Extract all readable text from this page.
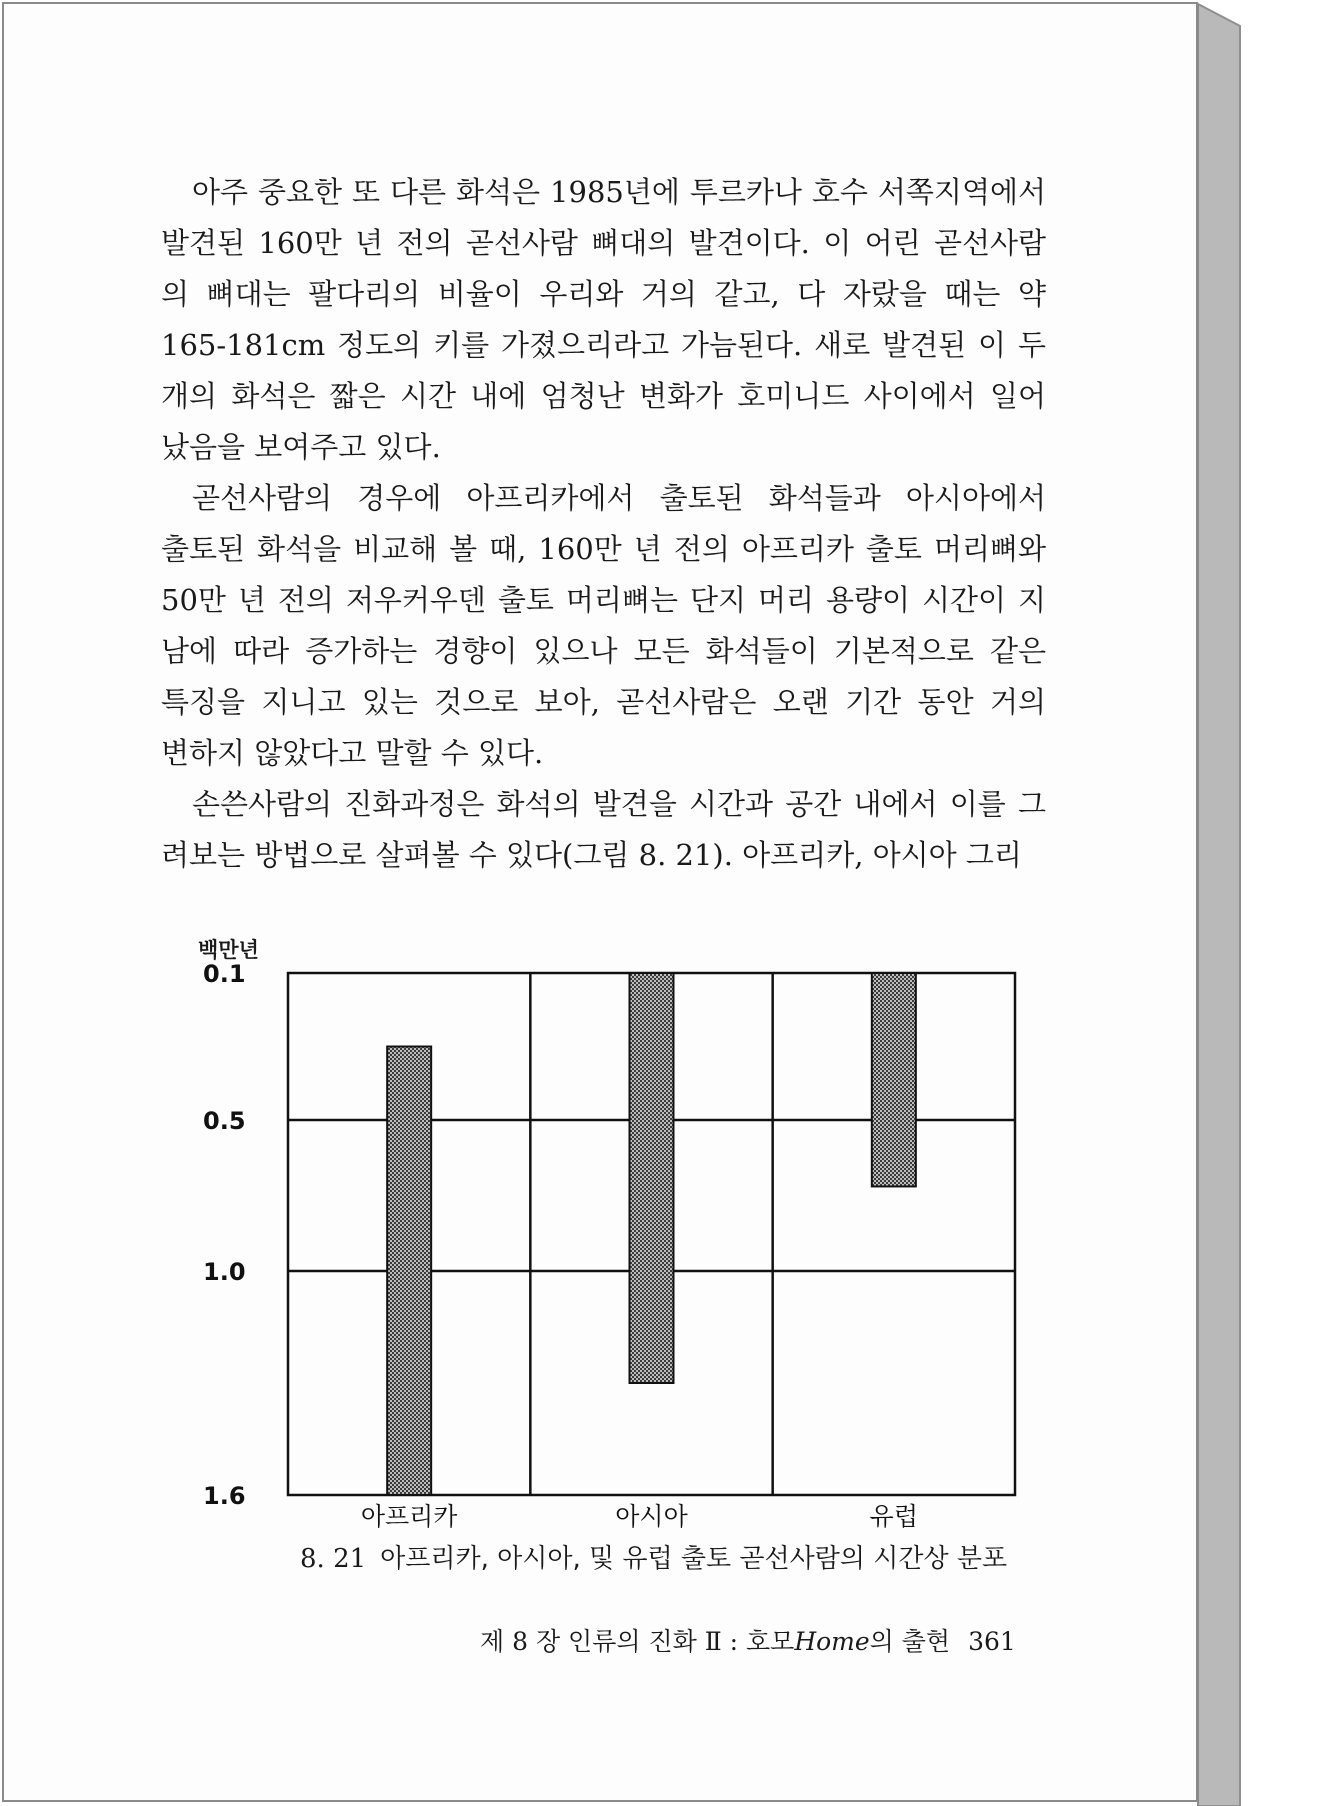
아주 중요한 또 다른 화석은 1985년에 투르카나 호수 서쪽지역에서
발견된 160만 년 전의 곧선사람 뼈대의 발견이다. 이 어린 곧선사람
의 뼈대는 팔다리의 비율이 우리와 거의 같고, 다 자랐을 때는 약
165-181cm 정도의 키를 가졌으리라고 가늠된다. 새로 발견된 이 두
개의 화석은 짧은 시간 내에 엄청난 변화가 호미니드 사이에서 일어
났음을 보여주고 있다.
곧선사람의 경우에 아프리카에서 출토된 화석들과 아시아에서
출토된 화석을 비교해 볼 때, 160만 년 전의 아프리카 출토 머리뼈와
50만 년 전의 저우커우덴 출토 머리뼈는 단지 머리 용량이 시간이 지
남에 따라 증가하는 경향이 있으나 모든 화석들이 기본적으로 같은
특징을 지니고 있는 것으로 보아, 곧선사람은 오랜 기간 동안 거의
변하지 않았다고 말할 수 있다.
손쓴사람의 진화과정은 화석의 발견을 시간과 공간 내에서 이를 그
려보는 방법으로 살펴볼 수 있다(그림 8. 21). 아프리카, 아시아 그리
백만년
0.1
0.5
1.0
1.6
아프리카	아시아	유럽
8. 21 아프리카, 아시아, 및 유럽 출토 곧선사람의 시간상 분포
제 8 장 인류의 진화 Ⅱ : 호모Home의 출현 361
